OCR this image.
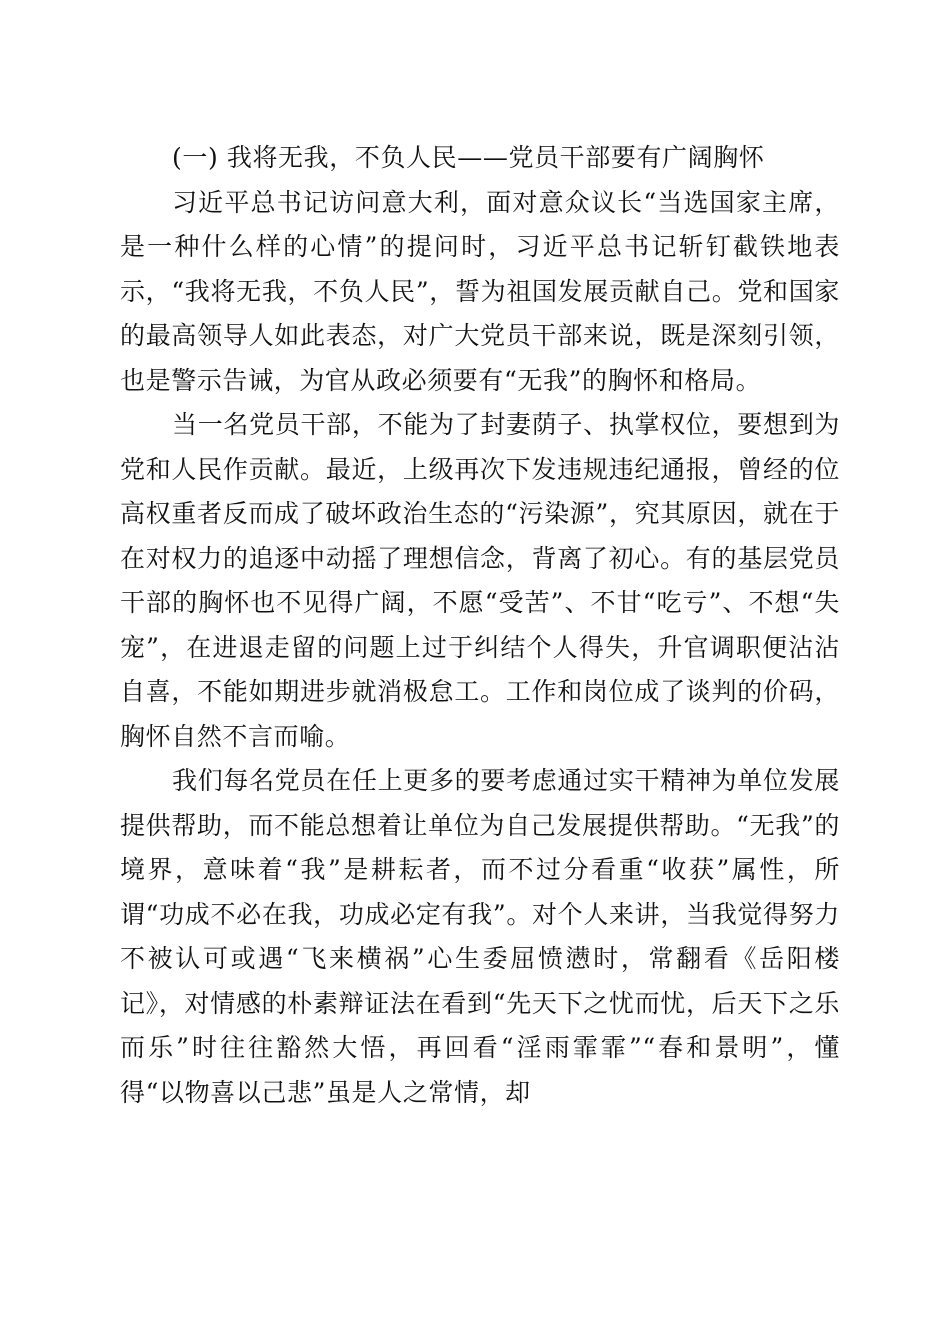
(一) 我将无我，不负人民——党员干部要有广阔胸怀

习近平总书记访问意大利，面对意众议长“当选国家主席，是一种什么样的心情”的提问时，习近平总书记斩钉截铁地表示，“我将无我，不负人民”，誓为祖国发展贡献自己。党和国家的最高领导人如此表态，对广大党员干部来说，既是深刻引领，也是警示告诫，为官从政必须要有“无我”的胸怀和格局。

当一名党员干部，不能为了封妻荫子、执掌权位，要想到为党和人民作贡献。最近，上级再次下发违规违纪通报，曾经的位高权重者反而成了破坏政治生态的“污染源”，究其原因，就在于在对权力的追逐中动摇了理想信念，背离了初心。有的基层党员干部的胸怀也不见得广阔，不愿“受苦”、不甘“吃亏”、不想“失宠”，在进退走留的问题上过于纠结个人得失，升官调职便沾沾自喜，不能如期进步就消极怠工。工作和岗位成了谈判的价码，胸怀自然不言而喻。

我们每名党员在任上更多的要考虑通过实干精神为单位发展提供帮助，而不能总想着让单位为自己发展提供帮助。“无我”的境界，意味着“我”是耕耘者，而不过分看重“收获”属性，所谓“功成不必在我，功成必定有我”。对个人来讲，当我觉得努力不被认可或遇“飞来横祸”心生委屈愤懑时，常翻看《岳阳楼记》，对情感的朴素辩证法在看到“先天下之忧而忧，后天下之乐而乐”时往往豁然大悟，再回看“淫雨霏霏”“春和景明”，懂得“以物喜以己悲”虽是人之常情，却
